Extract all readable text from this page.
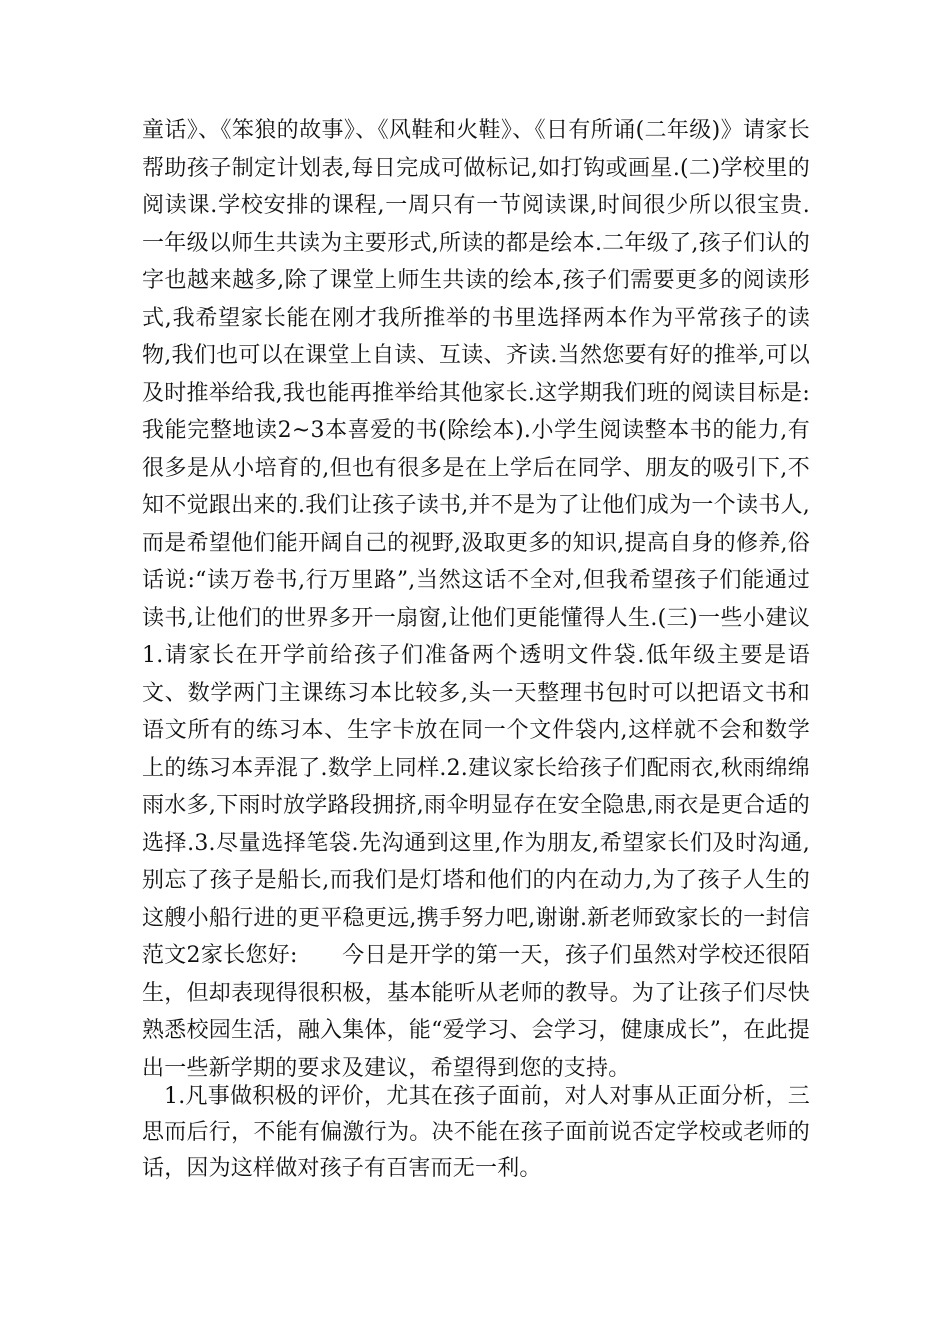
童话》、《笨狼的故事》、《风鞋和火鞋》、《日有所诵(二年级)》请家长帮助孩子制定计划表,每日完成可做标记,如打钩或画星.(二)学校里的阅读课.学校安排的课程,一周只有一节阅读课,时间很少所以很宝贵.一年级以师生共读为主要形式,所读的都是绘本.二年级了,孩子们认的字也越来越多,除了课堂上师生共读的绘本,孩子们需要更多的阅读形式,我希望家长能在刚才我所推举的书里选择两本作为平常孩子的读物,我们也可以在课堂上自读、互读、齐读.当然您要有好的推举,可以及时推举给我,我也能再推举给其他家长.这学期我们班的阅读目标是:我能完整地读2~3本喜爱的书(除绘本).小学生阅读整本书的能力,有很多是从小培育的,但也有很多是在上学后在同学、朋友的吸引下,不知不觉跟出来的.我们让孩子读书,并不是为了让他们成为一个读书人,而是希望他们能开阔自己的视野,汲取更多的知识,提高自身的修养,俗话说:“读万卷书,行万里路”,当然这话不全对,但我希望孩子们能通过读书,让他们的世界多开一扇窗,让他们更能懂得人生.(三)一些小建议1.请家长在开学前给孩子们准备两个透明文件袋.低年级主要是语文、数学两门主课练习本比较多,头一天整理书包时可以把语文书和语文所有的练习本、生字卡放在同一个文件袋内,这样就不会和数学上的练习本弄混了.数学上同样.2.建议家长给孩子们配雨衣,秋雨绵绵雨水多,下雨时放学路段拥挤,雨伞明显存在安全隐患,雨衣是更合适的选择.3.尽量选择笔袋.先沟通到这里,作为朋友,希望家长们及时沟通,别忘了孩子是船长,而我们是灯塔和他们的内在动力,为了孩子人生的这艘小船行进的更平稳更远,携手努力吧,谢谢.新老师致家长的一封信范文2家长您好:　　今日是开学的第一天，孩子们虽然对学校还很陌生，但却表现得很积极，基本能听从老师的教导。为了让孩子们尽快熟悉校园生活，融入集体，能“爱学习、会学习，健康成长”，在此提出一些新学期的要求及建议，希望得到您的支持。

1.凡事做积极的评价，尤其在孩子面前，对人对事从正面分析，三思而后行，不能有偏激行为。决不能在孩子面前说否定学校或老师的话，因为这样做对孩子有百害而无一利。
